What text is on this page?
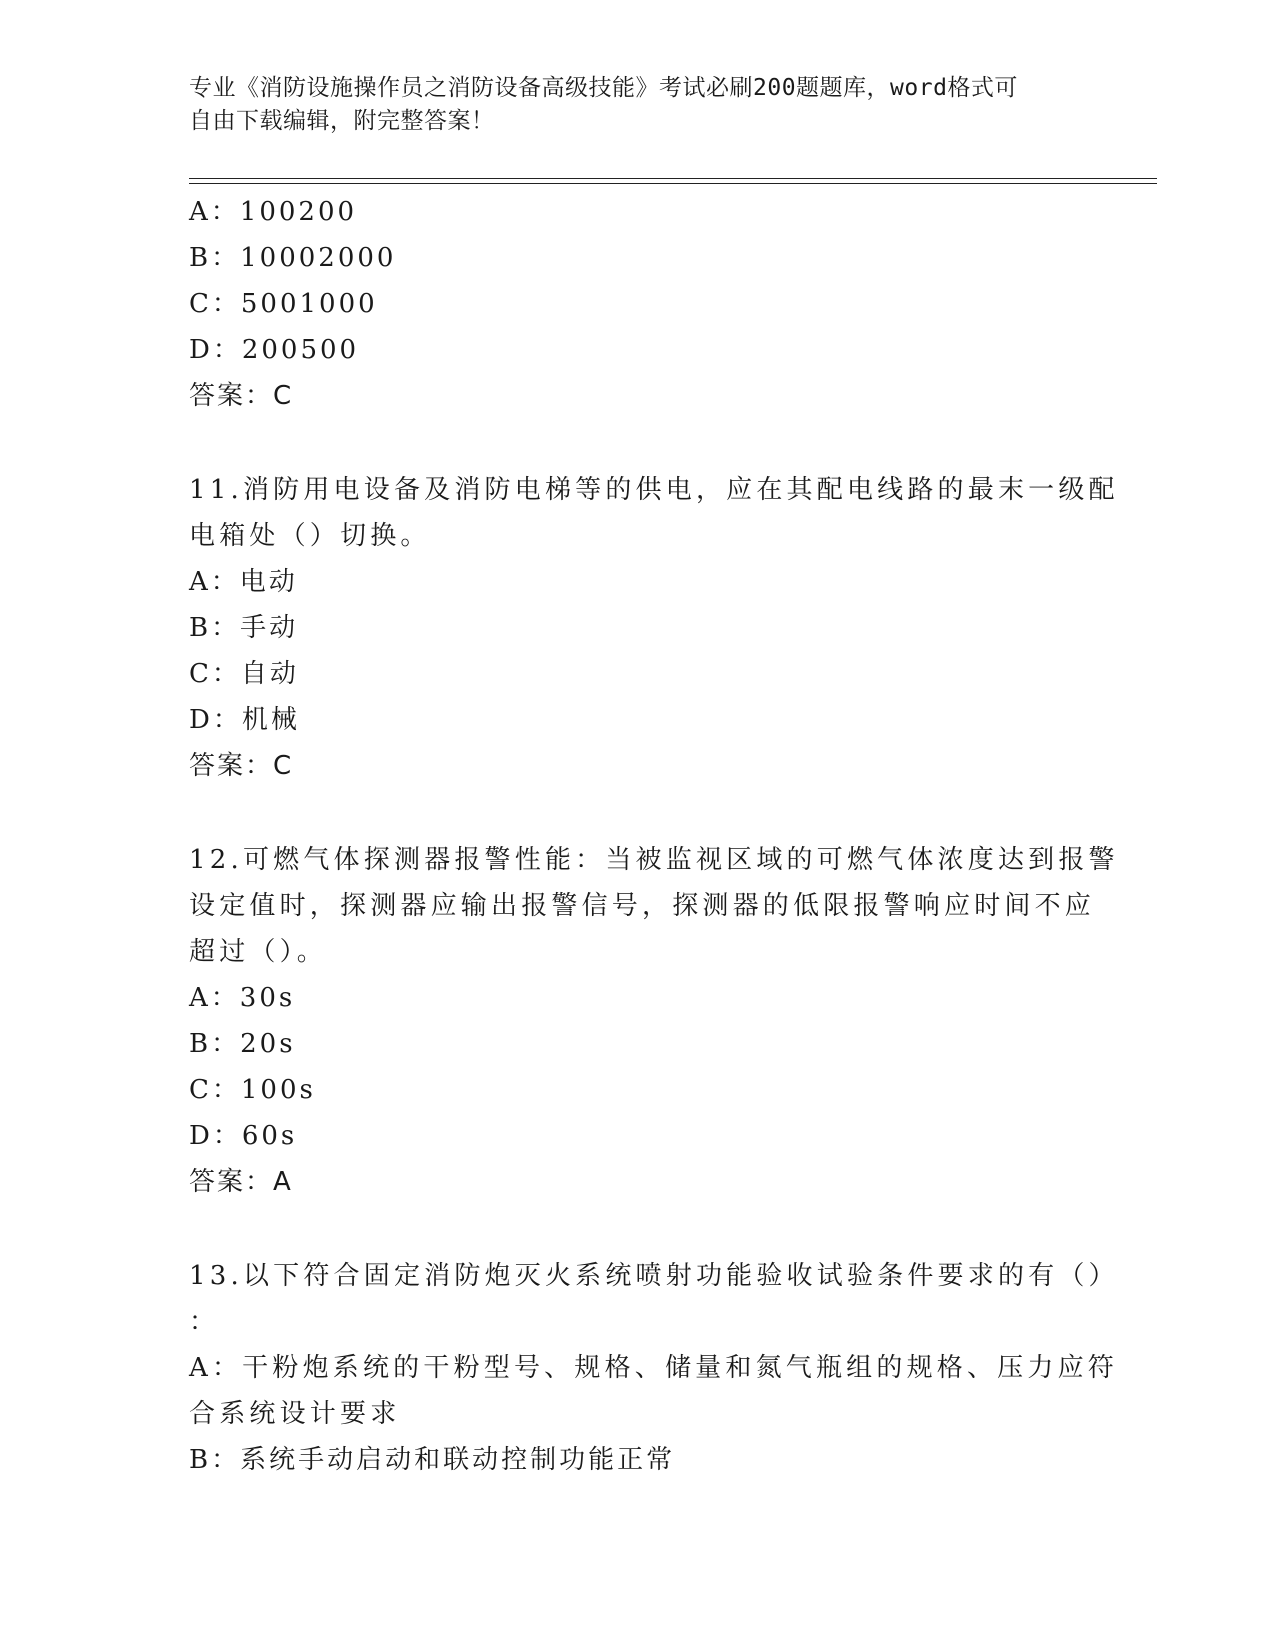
专业《消防设施操作员之消防设备高级技能》考试必刷200题题库，word格式可
自由下载编辑，附完整答案！
A：100200
B：10002000
C：5001000
D：200500
答案：C
11.消防用电设备及消防电梯等的供电，应在其配电线路的最末一级配
电箱处（）切换。
A：电动
B：手动
C：自动
D：机械
答案：C
12.可燃气体探测器报警性能：当被监视区域的可燃气体浓度达到报警
设定值时，探测器应输出报警信号，探测器的低限报警响应时间不应
超过（）。
A：30s
B：20s
C：100s
D：60s
答案：A
13.以下符合固定消防炮灭火系统喷射功能验收试验条件要求的有（）
：
A：干粉炮系统的干粉型号、规格、储量和氮气瓶组的规格、压力应符
合系统设计要求
B：系统手动启动和联动控制功能正常
